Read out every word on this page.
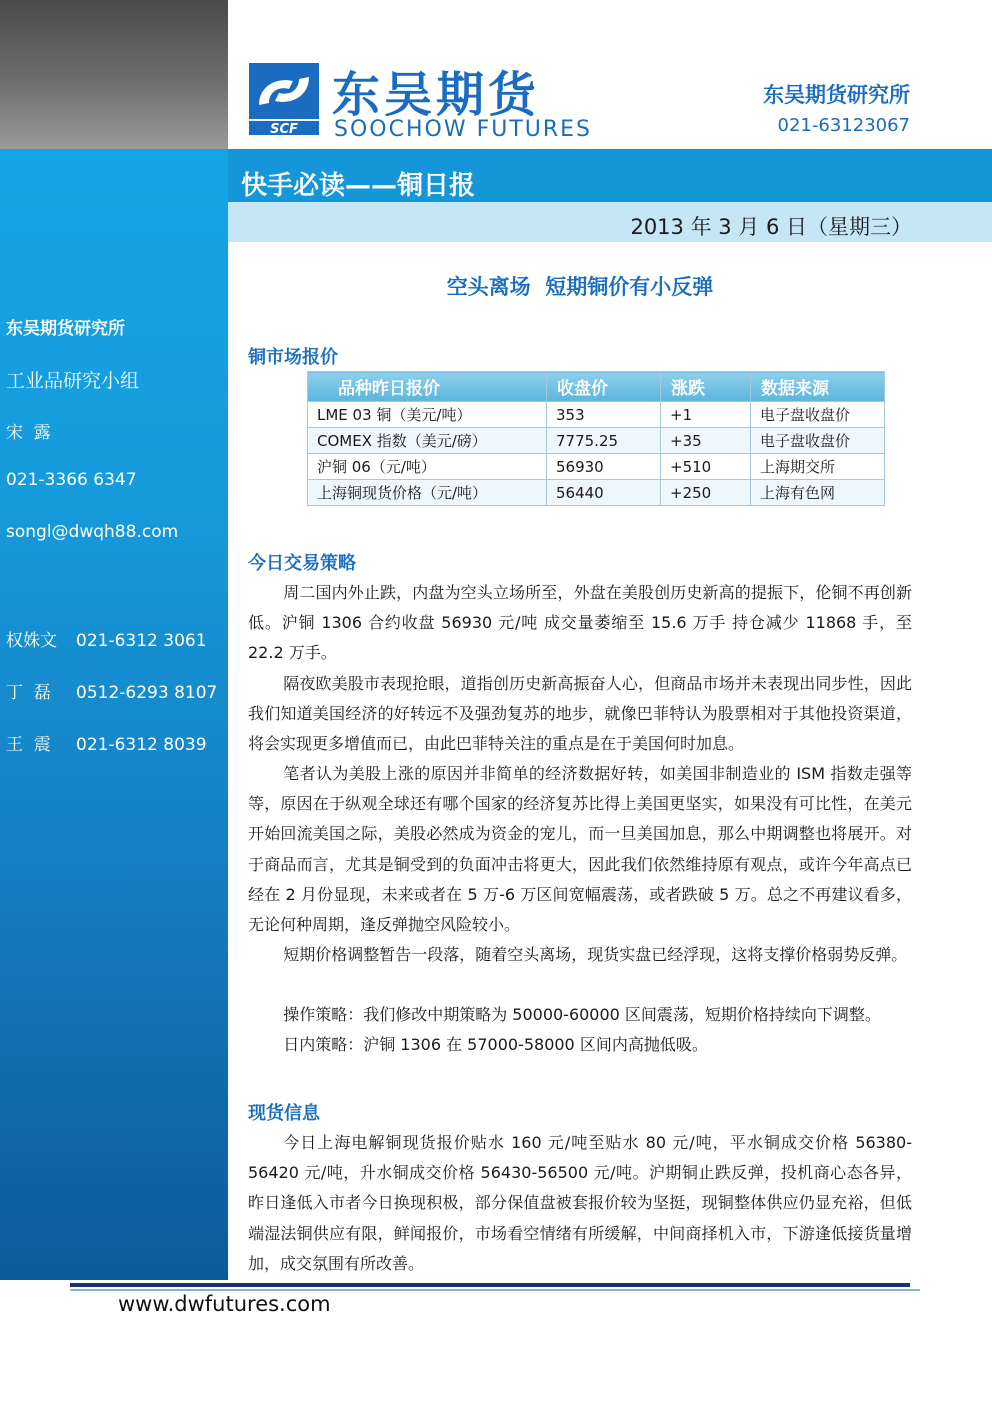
东吴期货研究所
工业品研究小组
宋  露
021-3366 6347
songl@dwqh88.com
权姝文 021-6312 3061
丁  磊 0512-6293 8107
王  震 021-6312 8039
SCF
东吴期货
SOOCHOW FUTURES
东吴期货研究所
021-63123067
快手必读——铜日报
2013 年 3 月 6 日（星期三）
空头离场  短期铜价有小反弹
铜市场报价
品种昨日报价	收盘价	涨跌	数据来源
LME 03 铜（美元/吨）	353	+1	电子盘收盘价
COMEX 指数（美元/磅）	7775.25	+35	电子盘收盘价
沪铜 06（元/吨）	56930	+510	上海期交所
上海铜现货价格（元/吨）	56440	+250	上海有色网
今日交易策略
周二国内外止跌，内盘为空头立场所至，外盘在美股创历史新高的提振下，伦铜不再创新低。沪铜 1306 合约收盘 56930 元/吨 成交量萎缩至 15.6 万手 持仓减少 11868 手，至 22.2 万手。
隔夜欧美股市表现抢眼，道指创历史新高振奋人心，但商品市场并未表现出同步性，因此我们知道美国经济的好转远不及强劲复苏的地步，就像巴菲特认为股票相对于其他投资渠道，将会实现更多增值而已，由此巴菲特关注的重点是在于美国何时加息。
笔者认为美股上涨的原因并非简单的经济数据好转，如美国非制造业的 ISM 指数走强等等，原因在于纵观全球还有哪个国家的经济复苏比得上美国更坚实，如果没有可比性，在美元开始回流美国之际，美股必然成为资金的宠儿，而一旦美国加息，那么中期调整也将展开。对于商品而言，尤其是铜受到的负面冲击将更大，因此我们依然维持原有观点，或许今年高点已经在 2 月份显现，未来或者在 5 万-6 万区间宽幅震荡，或者跌破 5 万。总之不再建议看多，无论何种周期，逢反弹抛空风险较小。
短期价格调整暂告一段落，随着空头离场，现货实盘已经浮现，这将支撑价格弱势反弹。
操作策略：我们修改中期策略为 50000-60000 区间震荡，短期价格持续向下调整。
日内策略：沪铜 1306 在 57000-58000 区间内高抛低吸。
现货信息
今日上海电解铜现货报价贴水 160 元/吨至贴水 80 元/吨，平水铜成交价格 56380-56420 元/吨，升水铜成交价格 56430-56500 元/吨。沪期铜止跌反弹，投机商心态各异，昨日逢低入市者今日换现积极，部分保值盘被套报价较为坚挺，现铜整体供应仍显充裕，但低端湿法铜供应有限，鲜闻报价，市场看空情绪有所缓解，中间商择机入市，下游逢低接货量增加，成交氛围有所改善。
www.dwfutures.com
